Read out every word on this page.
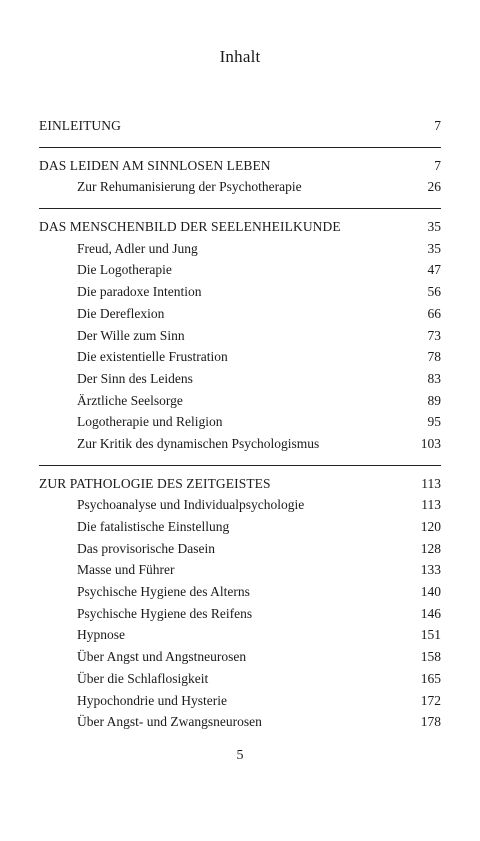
Inhalt
EINLEITUNG	7
DAS LEIDEN AM SINNLOSEN LEBEN	7
Zur Rehumanisierung der Psychotherapie	26
DAS MENSCHENBILD DER SEELENHEILKUNDE	35
Freud, Adler und Jung	35
Die Logotherapie	47
Die paradoxe Intention	56
Die Dereflexion	66
Der Wille zum Sinn	73
Die existentielle Frustration	78
Der Sinn des Leidens	83
Ärztliche Seelsorge	89
Logotherapie und Religion	95
Zur Kritik des dynamischen Psychologismus	103
ZUR PATHOLOGIE DES ZEITGEISTES	113
Psychoanalyse und Individualpsychologie	113
Die fatalistische Einstellung	120
Das provisorische Dasein	128
Masse und Führer	133
Psychische Hygiene des Alterns	140
Psychische Hygiene des Reifens	146
Hypnose	151
Über Angst und Angstneurosen	158
Über die Schlaflosigkeit	165
Hypochondrie und Hysterie	172
Über Angst- und Zwangsneurosen	178
5
